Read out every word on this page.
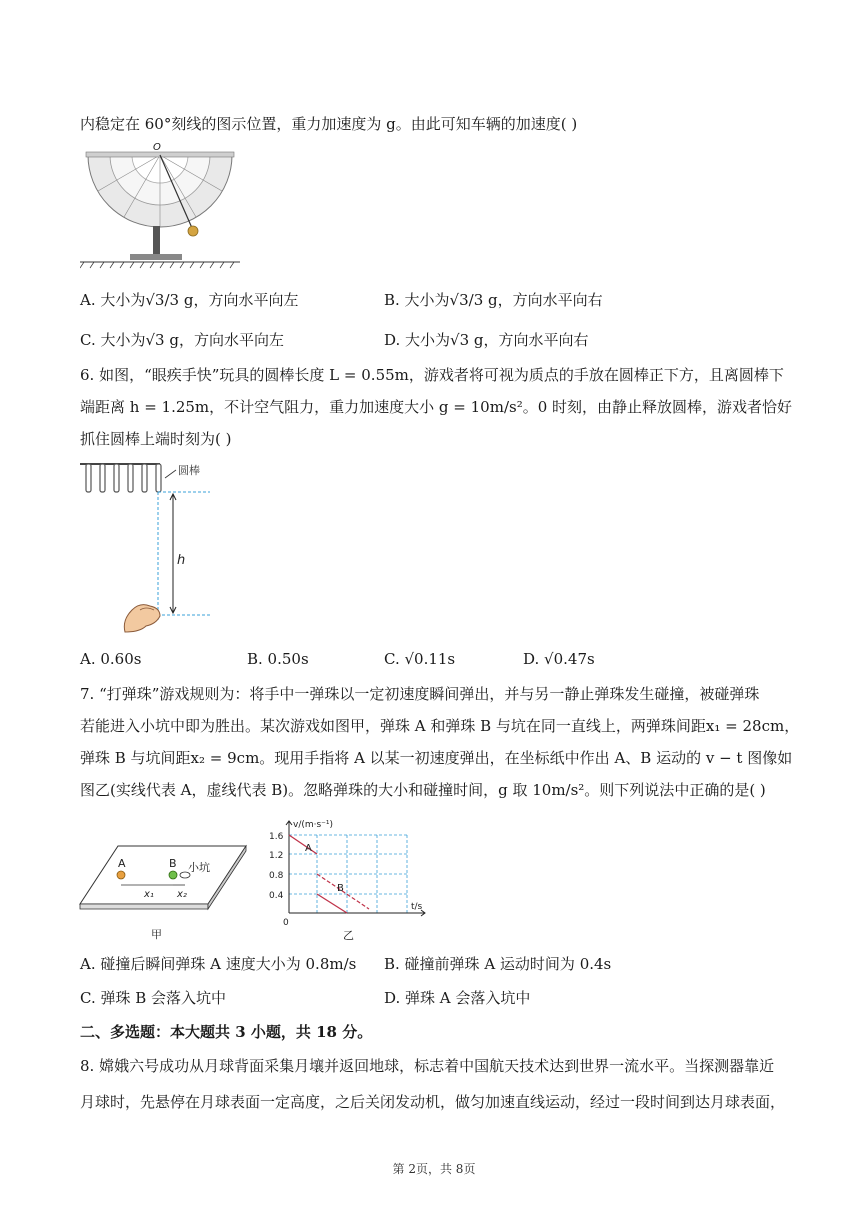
内稳定在 60°刻线的图示位置，重力加速度为 g。由此可知车辆的加速度( )
O
A. 大小为√3/3 g，方向水平向左	B. 大小为√3/3 g，方向水平向右
C. 大小为√3 g，方向水平向左	D. 大小为√3 g，方向水平向右
6. 如图，“眼疾手快”玩具的圆棒长度 L = 0.55m，游戏者将可视为质点的手放在圆棒正下方，且离圆棒下
端距离 h = 1.25m，不计空气阻力，重力加速度大小 g = 10m/s²。0 时刻，由静止释放圆棒，游戏者恰好
抓住圆棒上端时刻为( )
圆棒
h
A. 0.60s	B. 0.50s	C. √0.11s	D. √0.47s
7. “打弹珠”游戏规则为：将手中一弹珠以一定初速度瞬间弹出，并与另一静止弹珠发生碰撞，被碰弹珠
若能进入小坑中即为胜出。某次游戏如图甲，弹珠 A 和弹珠 B 与坑在同一直线上，两弹珠间距x₁ = 28cm，
弹珠 B 与坑间距x₂ = 9cm。现用手指将 A 以某一初速度弹出，在坐标纸中作出 A、B 运动的 v − t 图像如
图乙(实线代表 A，虚线代表 B)。忽略弹珠的大小和碰撞时间，g 取 10m/s²。则下列说法中正确的是( )
A	B 小坑
x₁ x₂
甲
v/(m·s⁻¹)
t/s
0
1.6
1.2
0.8
0.4
A
B
乙
A. 碰撞后瞬间弹珠 A 速度大小为 0.8m/s B. 碰撞前弹珠 A 运动时间为 0.4s
C. 弹珠 B 会落入坑中	D. 弹珠 A 会落入坑中
二、多选题：本大题共 3 小题，共 18 分。
8. 嫦娥六号成功从月球背面采集月壤并返回地球，标志着中国航天技术达到世界一流水平。当探测器靠近
月球时，先悬停在月球表面一定高度，之后关闭发动机，做匀加速直线运动，经过一段时间到达月球表面，
第 2页，共 8页
